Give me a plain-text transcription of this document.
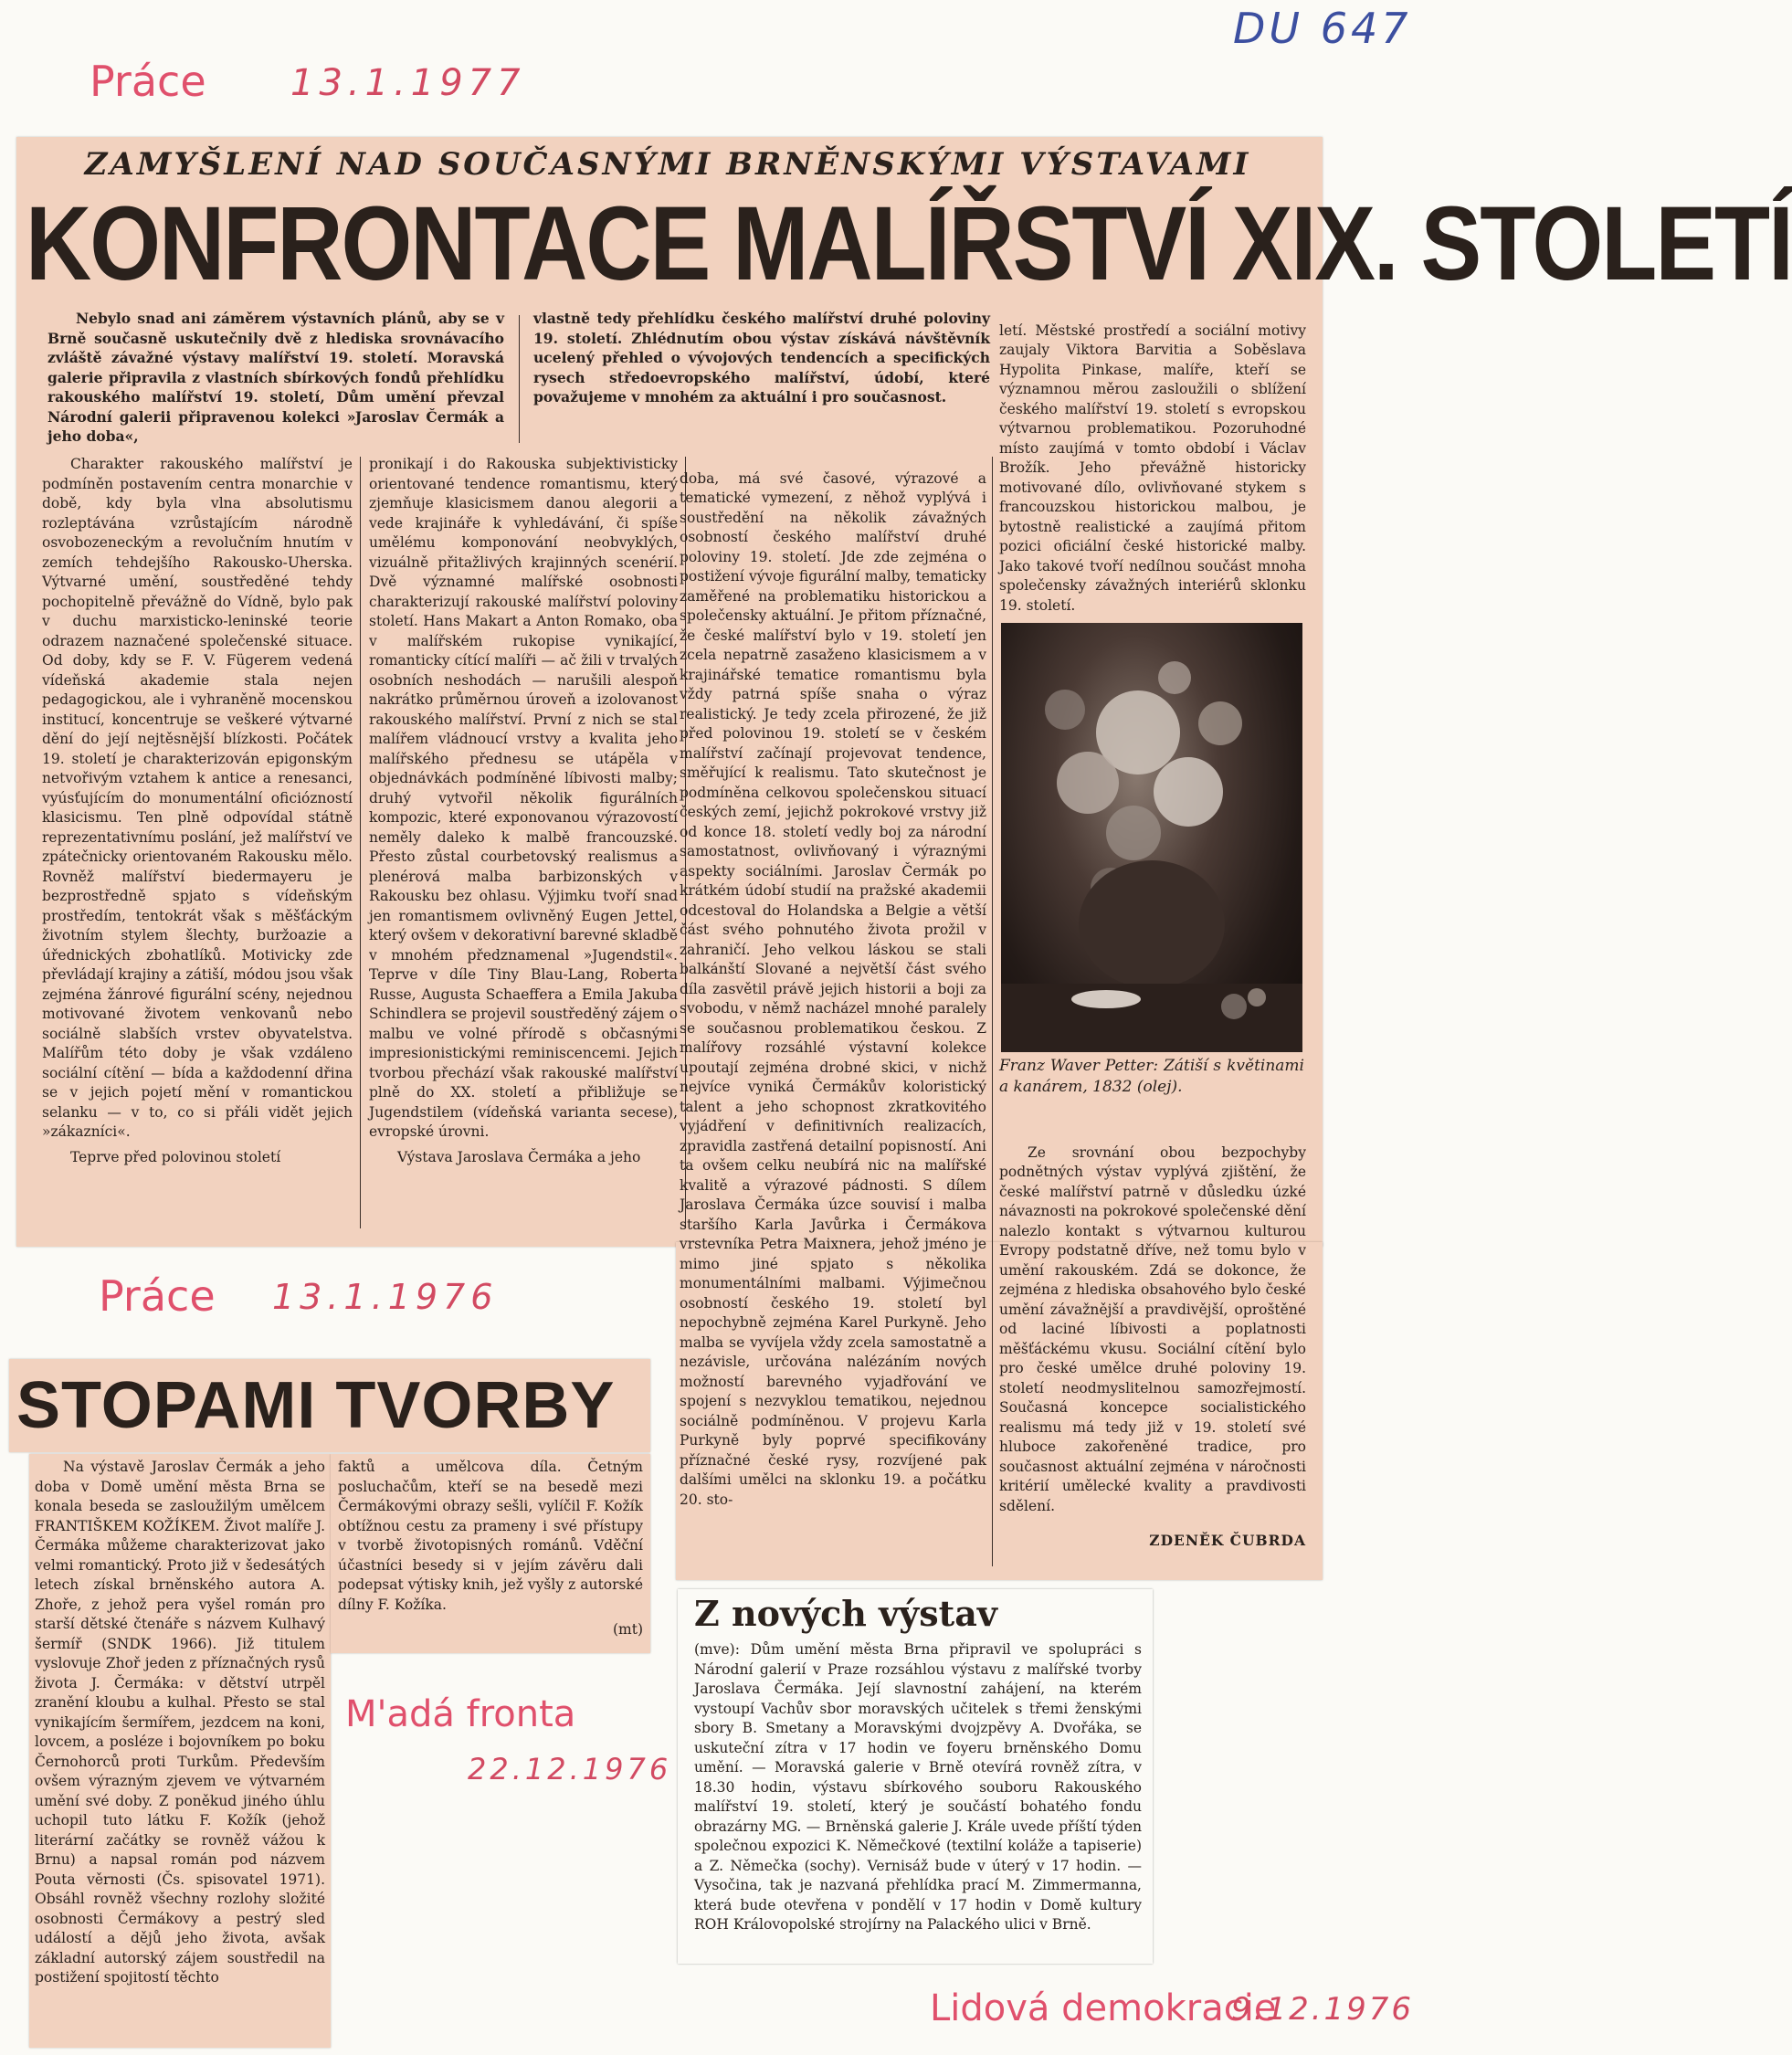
DU 647
Práce 13.1.1977
Práce 13.1.1976
ZAMYŠLENÍ NAD SOUČASNÝMI BRNĚNSKÝMI VÝSTAVAMI
KONFRONTACE MALÍŘSTVÍ XIX. STOLETÍ

Nebylo snad ani záměrem výstavních plánů, aby se v Brně současně uskutečnily dvě z hlediska srovnávacího zvláště závažné výstavy malířství 19. století. Moravská galerie připravila z vlastních sbírkových fondů přehlídku rakouského malířství 19. století, Dům umění převzal Národní galerii připravenou kolekci »Jaroslav Čermák a jeho doba«,

vlastně tedy přehlídku českého malířství druhé poloviny 19. století. Zhlédnutím obou výstav získává návštěvník ucelený přehled o vývojových tendencích a specifických rysech středoevropského malířství, údobí, které považujeme v mnohém za aktuální i pro současnost.

Charakter rakouského malířství je podmíněn postavením centra monarchie v době, kdy byla vlna absolutismu rozleptávána vzrůstajícím národně osvobozeneckým a revolučním hnutím v zemích tehdejšího Rakousko-Uherska. Výtvarné umění, soustředěné tehdy pochopitelně převážně do Vídně, bylo pak v duchu marxisticko-leninské teorie odrazem naznačené společenské situace. Od doby, kdy se F. V. Fügerem vedená vídeňská akademie stala nejen pedagogickou, ale i vyhraněně mocenskou institucí, koncentruje se veškeré výtvarné dění do její nejtěsnější blízkosti. Počátek 19. století je charakterizován epigonským netvořivým vztahem k antice a renesanci, vyúsťujícím do monumentální oficiózností klasicismu. Ten plně odpovídal státně reprezentativnímu poslání, jež malířství ve zpátečnicky orientovaném Rakousku mělo. Rovněž malířství biedermayeru je bezprostředně spjato s vídeňským prostředím, tentokrát však s měšťáckým životním stylem šlechty, buržoazie a úřednických zbohatlíků. Motivicky zde převládají krajiny a zátiší, módou jsou však zejména žánrové figurální scény, nejednou motivované životem venkovanů nebo sociálně slabších vrstev obyvatelstva. Malířům této doby je však vzdáleno sociální cítění — bída a každodenní dřina se v jejich pojetí mění v romantickou selanku — v to, co si přáli vidět jejich »zákazníci«.

Teprve před polovinou století

pronikají i do Rakouska subjektivisticky orientované tendence romantismu, který zjemňuje klasicismem danou alegorii a vede krajináře k vyhledávání, či spíše umělému komponování neobvyklých, vizuálně přitažlivých krajinných scenérií. Dvě významné malířské osobnosti charakterizují rakouské malířství poloviny století. Hans Makart a Anton Romako, oba v malířském rukopise vynikající, romanticky cítící malíři — ač žili v trvalých osobních neshodách — narušili alespoň nakrátko průměrnou úroveň a izolovanost rakouského malířství. První z nich se stal malířem vládnoucí vrstvy a kvalita jeho malířského přednesu se utápěla v objednávkách podmíněné líbivosti malby; druhý vytvořil několik figurálních kompozic, které exponovanou výrazovostí neměly daleko k malbě francouzské. Přesto zůstal courbetovský realismus a plenérová malba barbizonských v Rakousku bez ohlasu. Výjimku tvoří snad jen romantismem ovlivněný Eugen Jettel, který ovšem v dekorativní barevné skladbě v mnohém předznamenal »Jugendstil«. Teprve v díle Tiny Blau-Lang, Roberta Russe, Augusta Schaeffera a Emila Jakuba Schindlera se projevil soustředěný zájem o malbu ve volné přírodě s občasnými impresionistickými reminiscencemi. Jejich tvorbou přechází však rakouské malířství plně do XX. století a přibližuje se Jugendstilem (vídeňská varianta secese), evropské úrovni.

Výstava Jaroslava Čermáka a jeho

doba, má své časové, výrazové a tematické vymezení, z něhož vyplývá i soustředění na několik závažných osobností českého malířství druhé poloviny 19. století. Jde zde zejména o postižení vývoje figurální malby, tematicky zaměřené na problematiku historickou a společensky aktuální. Je přitom příznačné, že české malířství bylo v 19. století jen zcela nepatrně zasaženo klasicismem a v krajinářské tematice romantismu byla vždy patrná spíše snaha o výraz realistický. Je tedy zcela přirozené, že již před polovinou 19. století se v českém malířství začínají projevovat tendence, směřující k realismu. Tato skutečnost je podmíněna celkovou společenskou situací českých zemí, jejichž pokrokové vrstvy již od konce 18. století vedly boj za národní samostatnost, ovlivňovaný i výraznými aspekty sociálními. Jaroslav Čermák po krátkém údobí studií na pražské akademii odcestoval do Holandska a Belgie a větší část svého pohnutého života prožil v zahraničí. Jeho velkou láskou se stali balkánští Slované a největší část svého díla zasvětil právě jejich historii a boji za svobodu, v němž nacházel mnohé paralely se současnou problematikou českou. Z malířovy rozsáhlé výstavní kolekce upoutají zejména drobné skici, v nichž nejvíce vyniká Čermákův koloristický talent a jeho schopnost zkratkovitého vyjádření v definitivních realizacích, zpravidla zastřená detailní popisností. Ani ta ovšem celku neubírá nic na malířské kvalitě a výrazové pádnosti. S dílem Jaroslava Čermáka úzce souvisí i malba staršího Karla Javůrka i Čermákova vrstevníka Petra Maixnera, jehož jméno je mimo jiné spjato s několika monumentálními malbami. Výjimečnou osobností českého 19. století byl nepochybně zejména Karel Purkyně. Jeho malba se vyvíjela vždy zcela samostatně a nezávisle, určována nalézáním nových možností barevného vyjadřování ve spojení s nezvyklou tematikou, nejednou sociálně podmíněnou. V projevu Karla Purkyně byly poprvé specifikovány příznačné české rysy, rozvíjené pak dalšími umělci na sklonku 19. a počátku 20. sto-

letí. Městské prostředí a sociální motivy zaujaly Viktora Barvitia a Soběslava Hypolita Pinkase, malíře, kteří se významnou měrou zasloužili o sblížení českého malířství 19. století s evropskou výtvarnou problematikou. Pozoruhodné místo zaujímá v tomto období i Václav Brožík. Jeho převážně historicky motivované dílo, ovlivňované stykem s francouzskou historickou malbou, je bytostně realistické a zaujímá přitom pozici oficiální české historické malby. Jako takové tvoří nedílnou součást mnoha společensky závažných interiérů sklonku 19. století.

Franz Waver Petter: Zátiší s květinami a kanárem, 1832 (olej).

Ze srovnání obou bezpochyby podnětných výstav vyplývá zjištění, že české malířství patrně v důsledku úzké návaznosti na pokrokové společenské dění nalezlo kontakt s výtvarnou kulturou Evropy podstatně dříve, než tomu bylo v umění rakouském. Zdá se dokonce, že zejména z hlediska obsahového bylo české umění závažnější a pravdivější, oproštěné od laciné líbivosti a poplatnosti měšťáckému vkusu. Sociální cítění bylo pro české umělce druhé poloviny 19. století neodmyslitelnou samozřejmostí. Současná koncepce socialistického realismu má tedy již v 19. století své hluboce zakořeněné tradice, pro současnost aktuální zejména v náročnosti kritérií umělecké kvality a pravdivosti sdělení.

ZDENĚK ČUBRDA

STOPAMI TVORBY

Na výstavě Jaroslav Čermák a jeho doba v Domě umění města Brna se konala beseda se zasloužilým umělcem FRANTIŠKEM KOŽÍKEM. Život malíře J. Čermáka můžeme charakterizovat jako velmi romantický. Proto již v šedesátých letech získal brněnského autora A. Zhoře, z jehož pera vyšel román pro starší dětské čtenáře s názvem Kulhavý šermíř (SNDK 1966). Již titulem vyslovuje Zhoř jeden z příznačných rysů života J. Čermáka: v dětství utrpěl zranění kloubu a kulhal. Přesto se stal vynikajícím šermířem, jezdcem na koni, lovcem, a posléze i bojovníkem po boku Černohorců proti Turkům. Především ovšem výrazným zjevem ve výtvarném umění své doby. Z poněkud jiného úhlu uchopil tuto látku F. Kožík (jehož literární začátky se rovněž vážou k Brnu) a napsal román pod názvem Pouta věrnosti (Čs. spisovatel 1971). Obsáhl rovněž všechny rozlohy složité osobnosti Čermákovy a pestrý sled událostí a dějů jeho života, avšak základní autorský zájem soustředil na postižení spojitostí těchto

faktů a umělcova díla. Četným posluchačům, kteří se na besedě mezi Čermákovými obrazy sešli, vylíčil F. Kožík obtížnou cestu za prameny i své přístupy v tvorbě životopisných románů. Vděční účastníci besedy si v jejím závěru dali podepsat výtisky knih, jež vyšly z autorské dílny F. Kožíka.

(mt)

M'adá fronta
22.12.1976
Z nových výstav

(mve): Dům umění města Brna připravil ve spolupráci s Národní galerií v Praze rozsáhlou výstavu z malířské tvorby Jaroslava Čermáka. Její slavnostní zahájení, na kterém vystoupí Vachův sbor moravských učitelek s třemi ženskými sbory B. Smetany a Moravskými dvojzpěvy A. Dvořáka, se uskuteční zítra v 17 hodin ve foyeru brněnského Domu umění. — Moravská galerie v Brně otevírá rovněž zítra, v 18.30 hodin, výstavu sbírkového souboru Rakouského malířství 19. století, který je součástí bohatého fondu obrazárny MG. — Brněnská galerie J. Krále uvede příští týden společnou expozici K. Němečkové (textilní koláže a tapiserie) a Z. Němečka (sochy). Vernisáž bude v úterý v 17 hodin. — Vysočina, tak je nazvaná přehlídka prací M. Zimmermanna, která bude otevřena v pondělí v 17 hodin v Domě kultury ROH Královopolské strojírny na Palackého ulici v Brně.

Lidová demokracie
9.12.1976
